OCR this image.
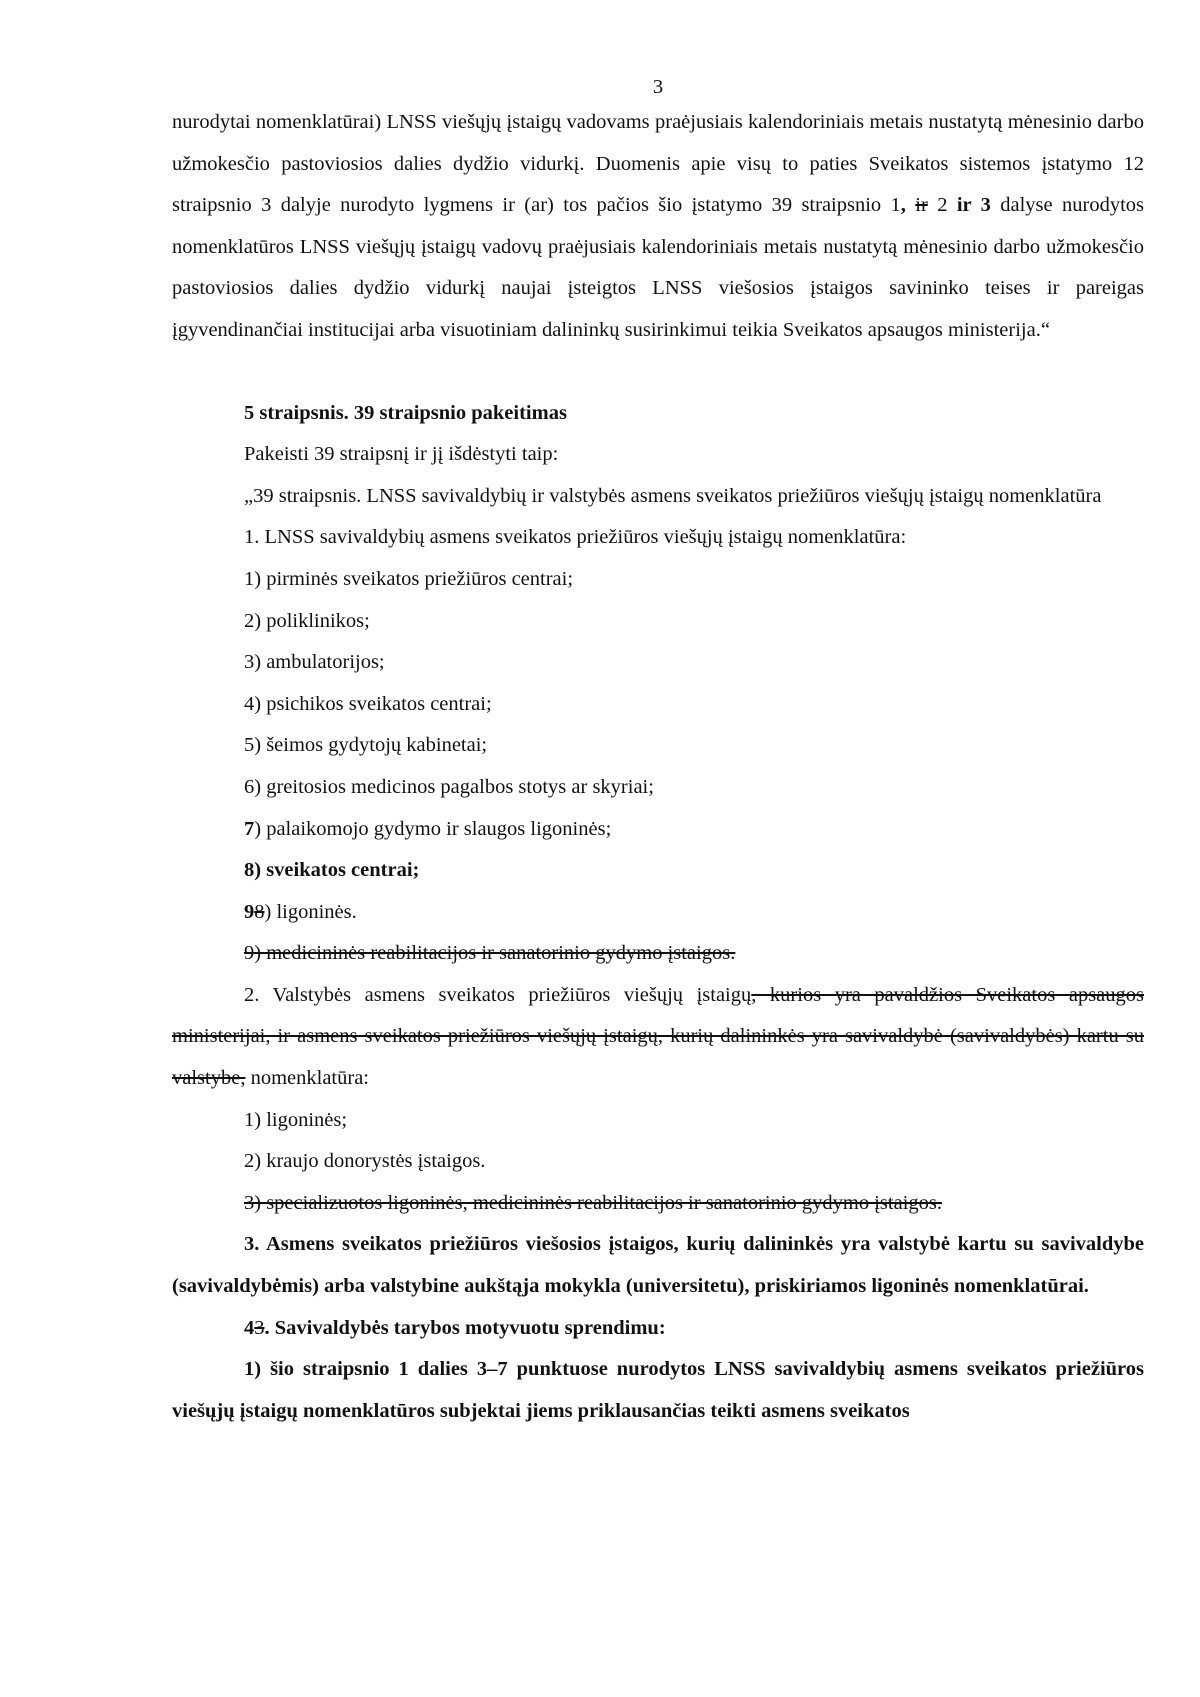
3

nurodytai nomenklatūrai) LNSS viešųjų įstaigų vadovams praėjusiais kalendoriniais metais nustatytą mėnesinio darbo užmokesčio pastoviosios dalies dydžio vidurkį. Duomenis apie visų to paties Sveikatos sistemos įstatymo 12 straipsnio 3 dalyje nurodyto lygmens ir (ar) tos pačios šio įstatymo 39 straipsnio 1, ir 2 ir 3 dalyse nurodytos nomenklatūros LNSS viešųjų įstaigų vadovų praėjusiais kalendoriniais metais nustatytą mėnesinio darbo užmokesčio pastoviosios dalies dydžio vidurkį naujai įsteigtos LNSS viešosios įstaigos savininko teises ir pareigas įgyvendinančiai institucijai arba visuotiniam dalininkų susirinkimui teikia Sveikatos apsaugos ministerija.“

5 straipsnis. 39 straipsnio pakeitimas

Pakeisti 39 straipsnį ir jį išdėstyti taip:

„39 straipsnis. LNSS savivaldybių ir valstybės asmens sveikatos priežiūros viešųjų įstaigų nomenklatūra

1. LNSS savivaldybių asmens sveikatos priežiūros viešųjų įstaigų nomenklatūra:

1) pirminės sveikatos priežiūros centrai;

2) poliklinikos;

3) ambulatorijos;

4) psichikos sveikatos centrai;

5) šeimos gydytojų kabinetai;

6) greitosios medicinos pagalbos stotys ar skyriai;

7) palaikomojo gydymo ir slaugos ligoninės;

8) sveikatos centrai;

98) ligoninės.

9) medicininės reabilitacijos ir sanatorinio gydymo įstaigos.

2. Valstybės asmens sveikatos priežiūros viešųjų įstaigų, kurios yra pavaldžios Sveikatos apsaugos ministerijai, ir asmens sveikatos priežiūros viešųjų įstaigų, kurių dalininkės yra savivaldybė (savivaldybės) kartu su valstybe, nomenklatūra:

1) ligoninės;

2) kraujo donorystės įstaigos.

3) specializuotos ligoninės, medicininės reabilitacijos ir sanatorinio gydymo įstaigos.

3. Asmens sveikatos priežiūros viešosios įstaigos, kurių dalininkės yra valstybė kartu su savivaldybe (savivaldybėmis) arba valstybine aukštąja mokykla (universitetu), priskiriamos ligoninės nomenklatūrai.

43. Savivaldybės tarybos motyvuotu sprendimu:

1) šio straipsnio 1 dalies 3–7 punktuose nurodytos LNSS savivaldybių asmens sveikatos priežiūros viešųjų įstaigų nomenklatūros subjektai jiems priklausančias teikti asmens sveikatos
